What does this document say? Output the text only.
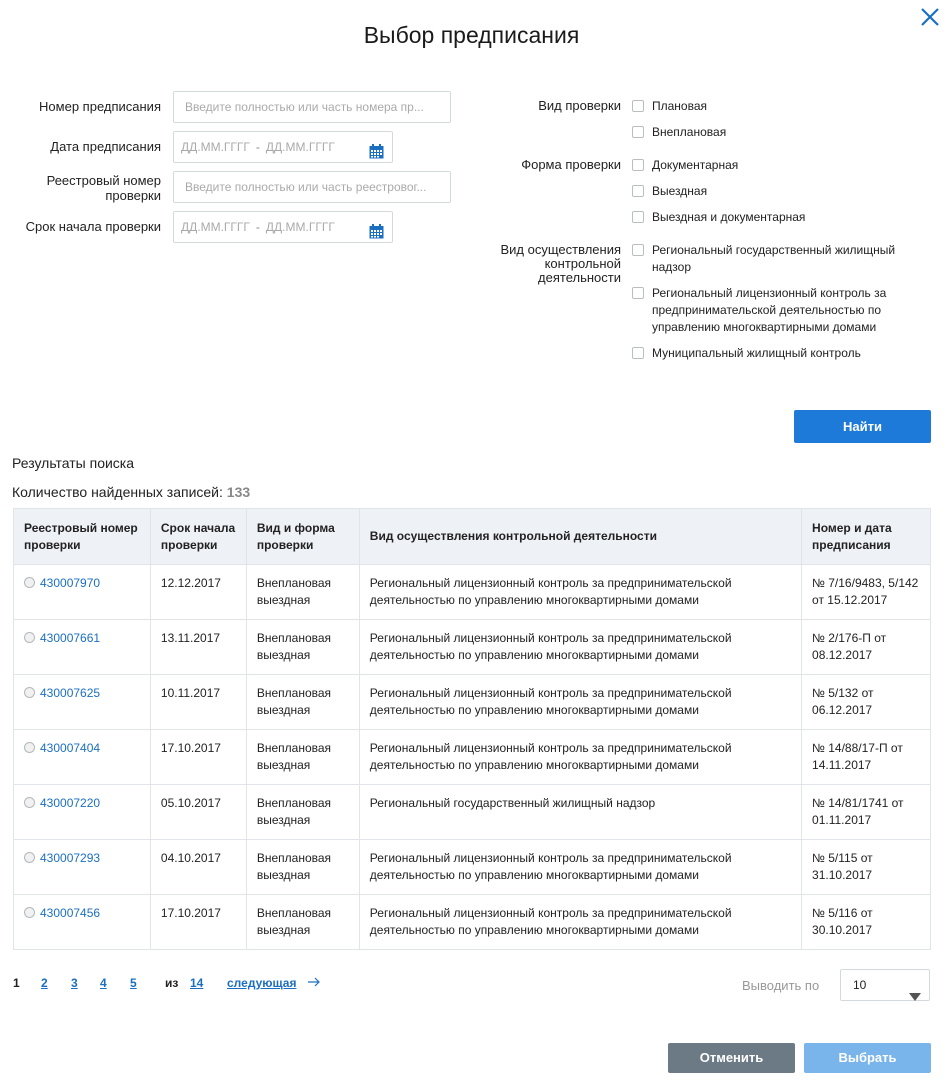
Выбор предписания
Номер предписания	Введите полностью или часть номера пр...
Дата предписания	ДД.ММ.ГГГГ - ДД.ММ.ГГГГ
Реестровый номер проверки
Введите полностью или часть реестровог...
Срок начала проверки	ДД.ММ.ГГГГ - ДД.ММ.ГГГГ
Вид проверки	Плановая
Внеплановая
Форма проверки	Документарная
Выездная
Выездная и документарная
Вид осуществления контрольной деятельности
Региональный государственный жилищный надзор
Региональный лицензионный контроль за предпринимательской деятельностью по управлению многоквартирными домами
Муниципальный жилищный контроль
Найти
Результаты поиска
Количество найденных записей: 133
Реестровый номер проверки	Срок начала проверки	Вид и форма проверки	Вид осуществления контрольной деятельности	Номер и дата предписания
430007970	12.12.2017	Внеплановая выездная	Региональный лицензионный контроль за предпринимательской деятельностью по управлению многоквартирными домами	№ 7/16/9483, 5/142 от 15.12.2017
430007661	13.11.2017	Внеплановая выездная	Региональный лицензионный контроль за предпринимательской деятельностью по управлению многоквартирными домами	№ 2/176-П от 08.12.2017
430007625	10.11.2017	Внеплановая выездная	Региональный лицензионный контроль за предпринимательской деятельностью по управлению многоквартирными домами	№ 5/132 от 06.12.2017
430007404	17.10.2017	Внеплановая выездная	Региональный лицензионный контроль за предпринимательской деятельностью по управлению многоквартирными домами	№ 14/88/17-П от 14.11.2017
430007220	05.10.2017	Внеплановая выездная	Региональный государственный жилищный надзор	№ 14/81/1741 от 01.11.2017
430007293	04.10.2017	Внеплановая выездная	Региональный лицензионный контроль за предпринимательской деятельностью по управлению многоквартирными домами	№ 5/115 от 31.10.2017
430007456	17.10.2017	Внеплановая выездная	Региональный лицензионный контроль за предпринимательской деятельностью по управлению многоквартирными домами	№ 5/116 от 30.10.2017
1 2 3 4 5 из 14 следующая	Выводить по	10
Отменить	Выбрать
